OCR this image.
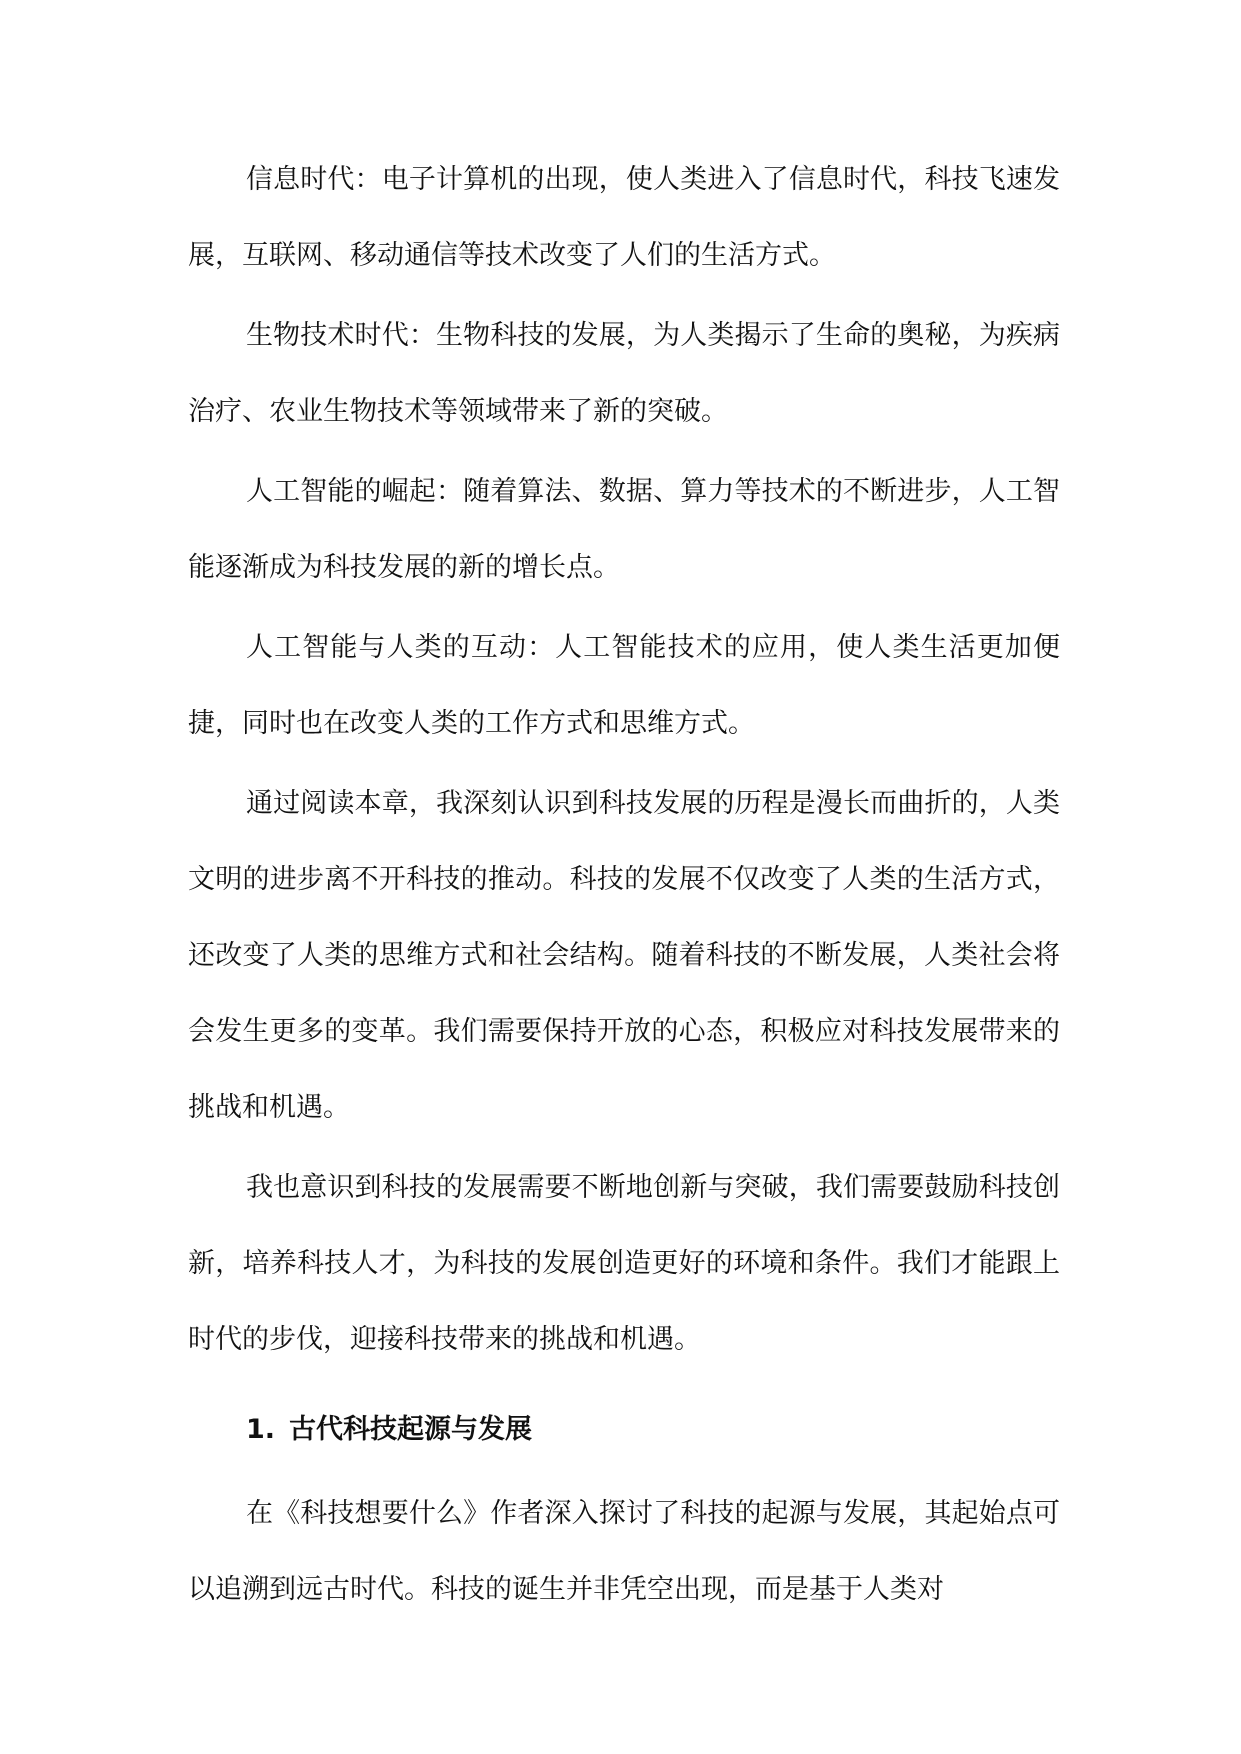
信息时代：电子计算机的出现，使人类进入了信息时代，科技飞速发展，互联网、移动通信等技术改变了人们的生活方式。

生物技术时代：生物科技的发展，为人类揭示了生命的奥秘，为疾病治疗、农业生物技术等领域带来了新的突破。

人工智能的崛起：随着算法、数据、算力等技术的不断进步，人工智能逐渐成为科技发展的新的增长点。

人工智能与人类的互动：人工智能技术的应用，使人类生活更加便捷，同时也在改变人类的工作方式和思维方式。

通过阅读本章，我深刻认识到科技发展的历程是漫长而曲折的，人类文明的进步离不开科技的推动。科技的发展不仅改变了人类的生活方式，还改变了人类的思维方式和社会结构。随着科技的不断发展，人类社会将会发生更多的变革。我们需要保持开放的心态，积极应对科技发展带来的挑战和机遇。

我也意识到科技的发展需要不断地创新与突破，我们需要鼓励科技创新，培养科技人才，为科技的发展创造更好的环境和条件。我们才能跟上时代的步伐，迎接科技带来的挑战和机遇。

1. 古代科技起源与发展

在《科技想要什么》作者深入探讨了科技的起源与发展，其起始点可以追溯到远古时代。科技的诞生并非凭空出现，而是基于人类对
